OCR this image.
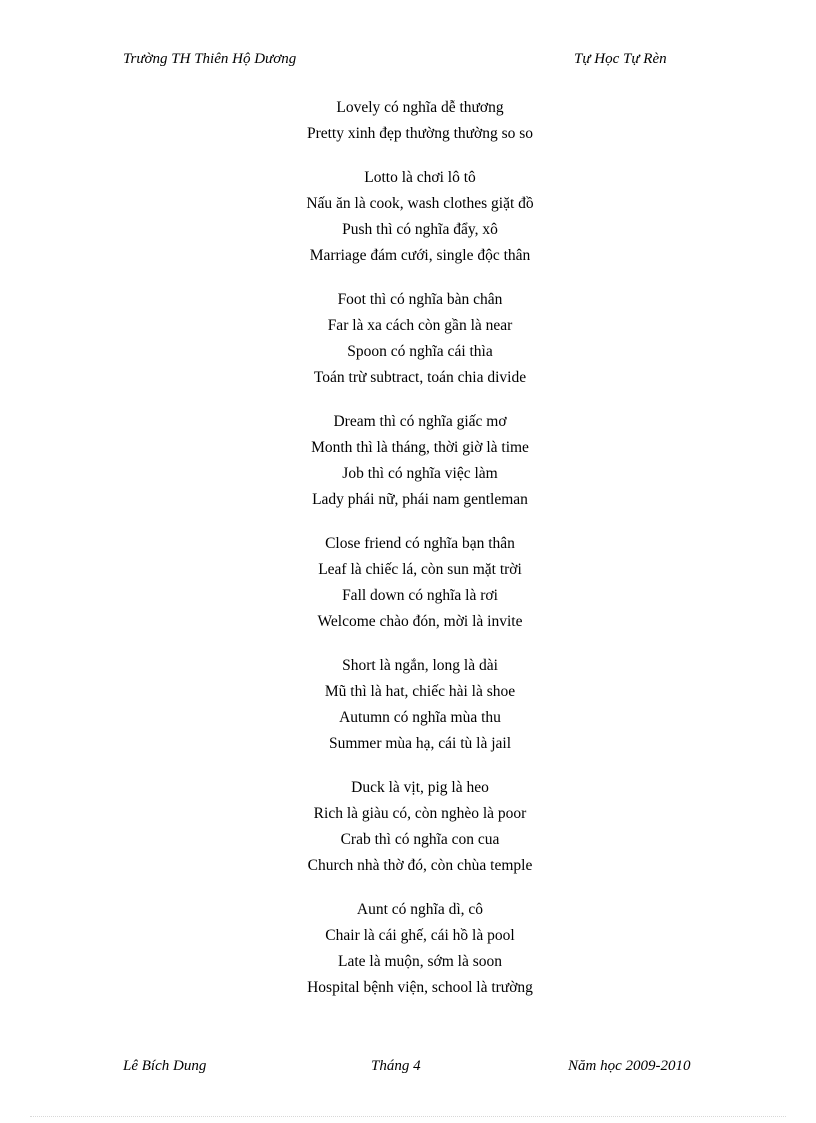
Trường TH Thiên Hộ Dương	Tự Học Tự Rèn
Lovely có nghĩa dễ thương
Pretty xinh đẹp thường thường so so
Lotto là chơi lô tô
Nấu ăn là cook, wash clothes giặt đồ
Push thì có nghĩa đẩy, xô
Marriage đám cưới, single độc thân
Foot thì có nghĩa bàn chân
Far là xa cách còn gần là near
Spoon có nghĩa cái thìa
Toán trừ subtract, toán chia divide
Dream thì có nghĩa giấc mơ
Month thì là tháng, thời giờ là time
Job thì có nghĩa việc làm
Lady phái nữ, phái nam gentleman
Close friend có nghĩa bạn thân
Leaf là chiếc lá, còn sun mặt trời
Fall down có nghĩa là rơi
Welcome chào đón, mời là invite
Short là ngắn, long là dài
Mũ thì là hat, chiếc hài là shoe
Autumn có nghĩa mùa thu
Summer mùa hạ, cái tù là jail
Duck là vịt, pig là heo
Rich là giàu có, còn nghèo là poor
Crab thì có nghĩa con cua
Church nhà thờ đó, còn chùa temple
Aunt có nghĩa dì, cô
Chair là cái ghế, cái hồ là pool
Late là muộn, sớm là soon
Hospital bệnh viện, school là trường
Lê Bích Dung	Tháng 4	Năm học 2009-2010
